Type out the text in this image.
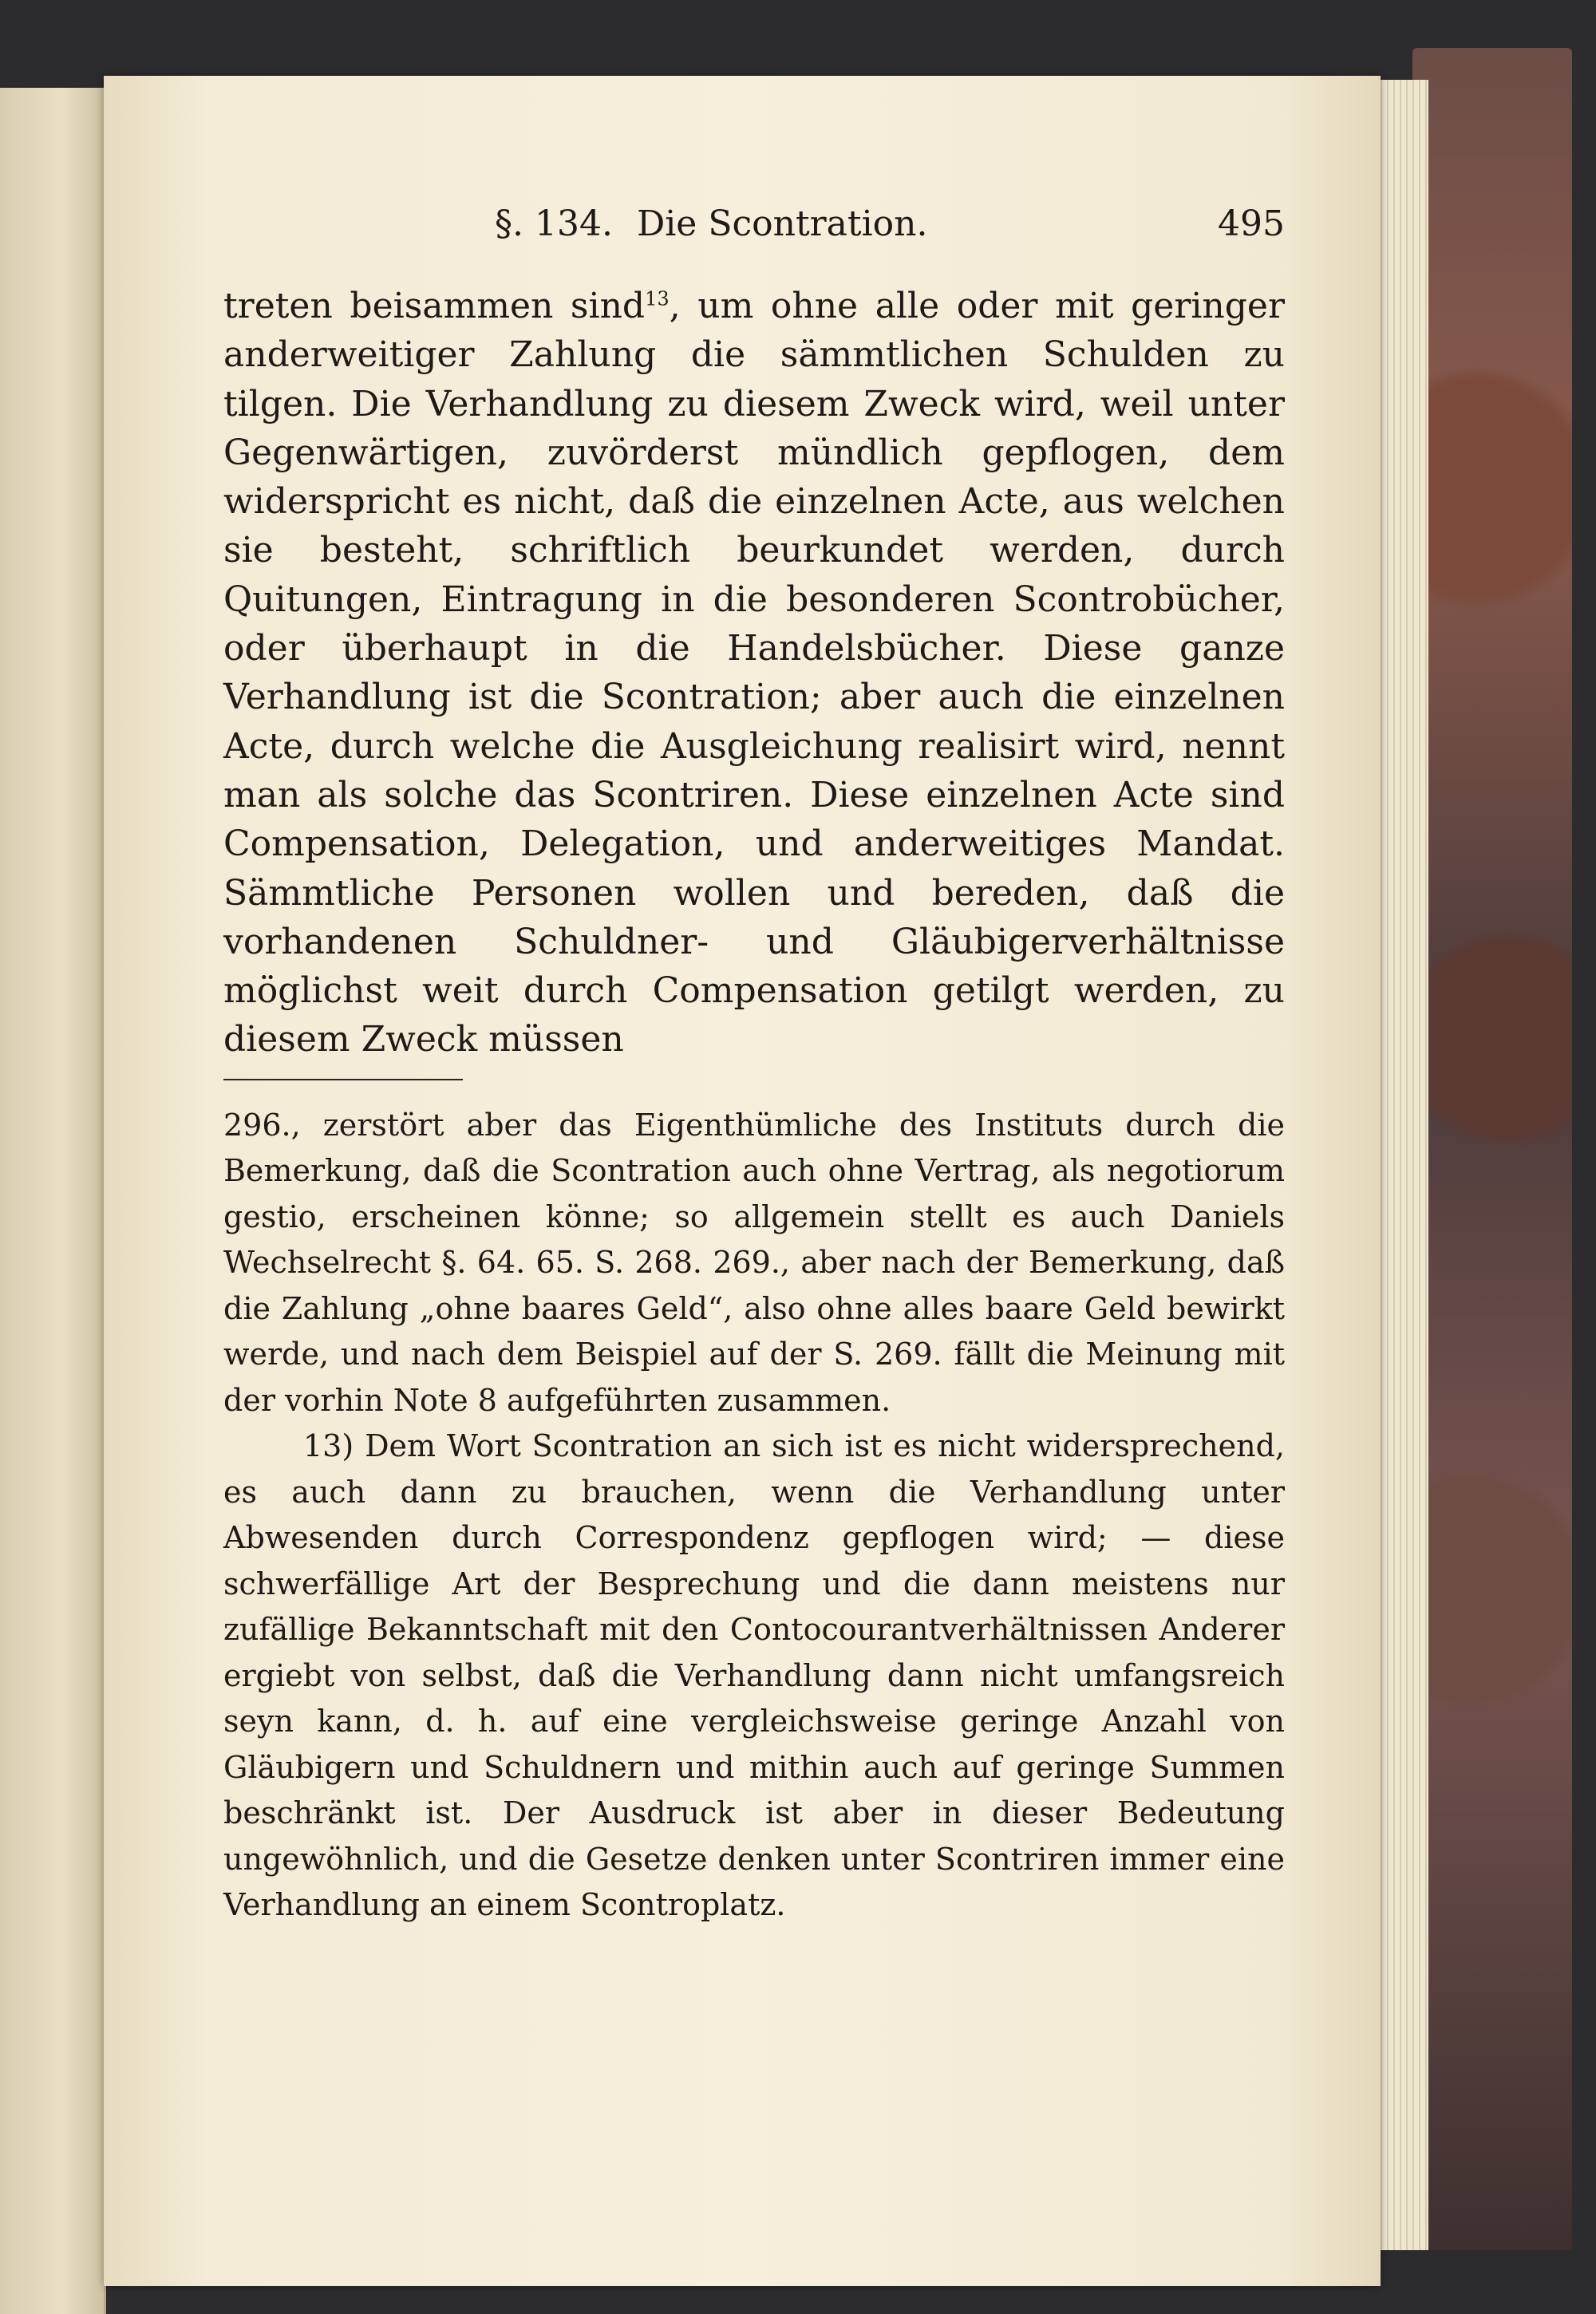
§. 134. Die Scontration.	495

treten beisammen sind$^{13}$, um ohne alle oder mit geringer anderweitiger Zahlung die sämmtlichen Schulden zu tilgen. Die Verhandlung zu diesem Zweck wird, weil unter Gegenwärtigen, zuvörderst mündlich gepflogen, dem widerspricht es nicht, daß die einzelnen Acte, aus welchen sie besteht, schriftlich beurkundet werden, durch Quitungen, Eintragung in die besonderen Scontrobücher, oder überhaupt in die Handelsbücher. Diese ganze Verhandlung ist die Scontration; aber auch die einzelnen Acte, durch welche die Ausgleichung realisirt wird, nennt man als solche das Scontriren. Diese einzelnen Acte sind Compensation, Delegation, und anderweitiges Mandat. Sämmtliche Personen wollen und bereden, daß die vorhandenen Schuldner- und Gläubigerverhältnisse möglichst weit durch Compensation getilgt werden, zu diesem Zweck müssen

296., zerstört aber das Eigenthümliche des Instituts durch die Bemerkung, daß die Scontration auch ohne Vertrag, als negotiorum gestio, erscheinen könne; so allgemein stellt es auch Daniels Wechselrecht §. 64. 65. S. 268. 269., aber nach der Bemerkung, daß die Zahlung „ohne baares Geld“, also ohne alles baare Geld bewirkt werde, und nach dem Beispiel auf der S. 269. fällt die Meinung mit der vorhin Note 8 aufgeführten zusammen.

13) Dem Wort Scontration an sich ist es nicht widersprechend, es auch dann zu brauchen, wenn die Verhandlung unter Abwesenden durch Correspondenz gepflogen wird; — diese schwerfällige Art der Besprechung und die dann meistens nur zufällige Bekanntschaft mit den Contocourantverhältnissen Anderer ergiebt von selbst, daß die Verhandlung dann nicht umfangsreich seyn kann, d. h. auf eine vergleichsweise geringe Anzahl von Gläubigern und Schuldnern und mithin auch auf geringe Summen beschränkt ist. Der Ausdruck ist aber in dieser Bedeutung ungewöhnlich, und die Gesetze denken unter Scontriren immer eine Verhandlung an einem Scontroplatz.
